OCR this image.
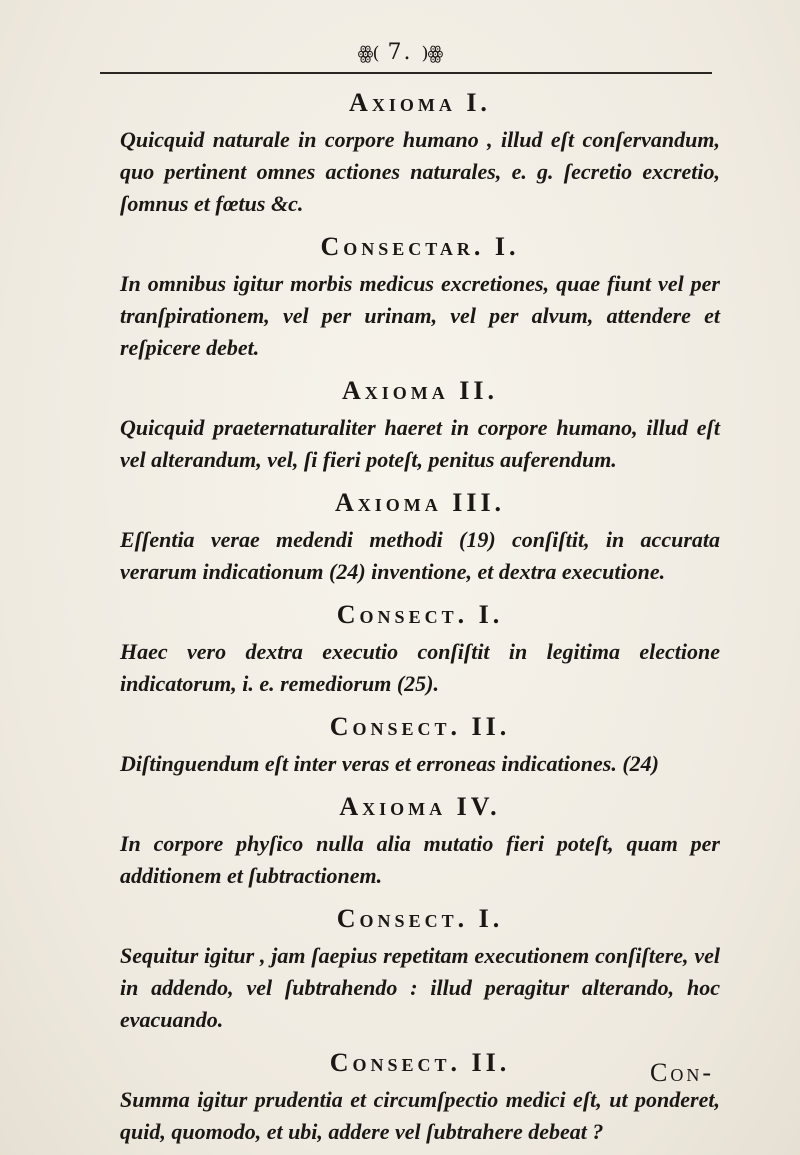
ꙮ( 7. )ꙮ
Axioma I.

Quicquid naturale in corpore humano , illud eſt conſervandum, quo pertinent omnes actiones naturales, e. g. ſecretio excretio, ſomnus et fœtus &c.

Consectar. I.

In omnibus igitur morbis medicus excretiones, quae fiunt vel per tranſpirationem, vel per urinam, vel per alvum, attendere et reſpicere debet.

Axioma II.

Quicquid praeternaturaliter haeret in corpore humano, illud eſt vel alterandum, vel, ſi fieri poteſt, penitus auferendum.

Axioma III.

Eſſentia verae medendi methodi (19) conſiſtit, in accurata verarum indicationum (24) inventione, et dextra executione.

Consect. I.

Haec vero dextra executio conſiſtit in legitima electione indicatorum, i. e. remediorum (25).

Consect. II.

Diſtinguendum eſt inter veras et erroneas indicationes. (24)

Axioma IV.

In corpore phyſico nulla alia mutatio fieri poteſt, quam per additionem et ſubtractionem.

Consect. I.

Sequitur igitur , jam ſaepius repetitam executionem conſiſtere, vel in addendo, vel ſubtrahendo : illud peragitur alterando, hoc evacuando.

Consect. II.

Summa igitur prudentia et circumſpectio medici eſt, ut ponderet, quid, quomodo, et ubi, addere vel ſubtrahere debeat ?

Con-
